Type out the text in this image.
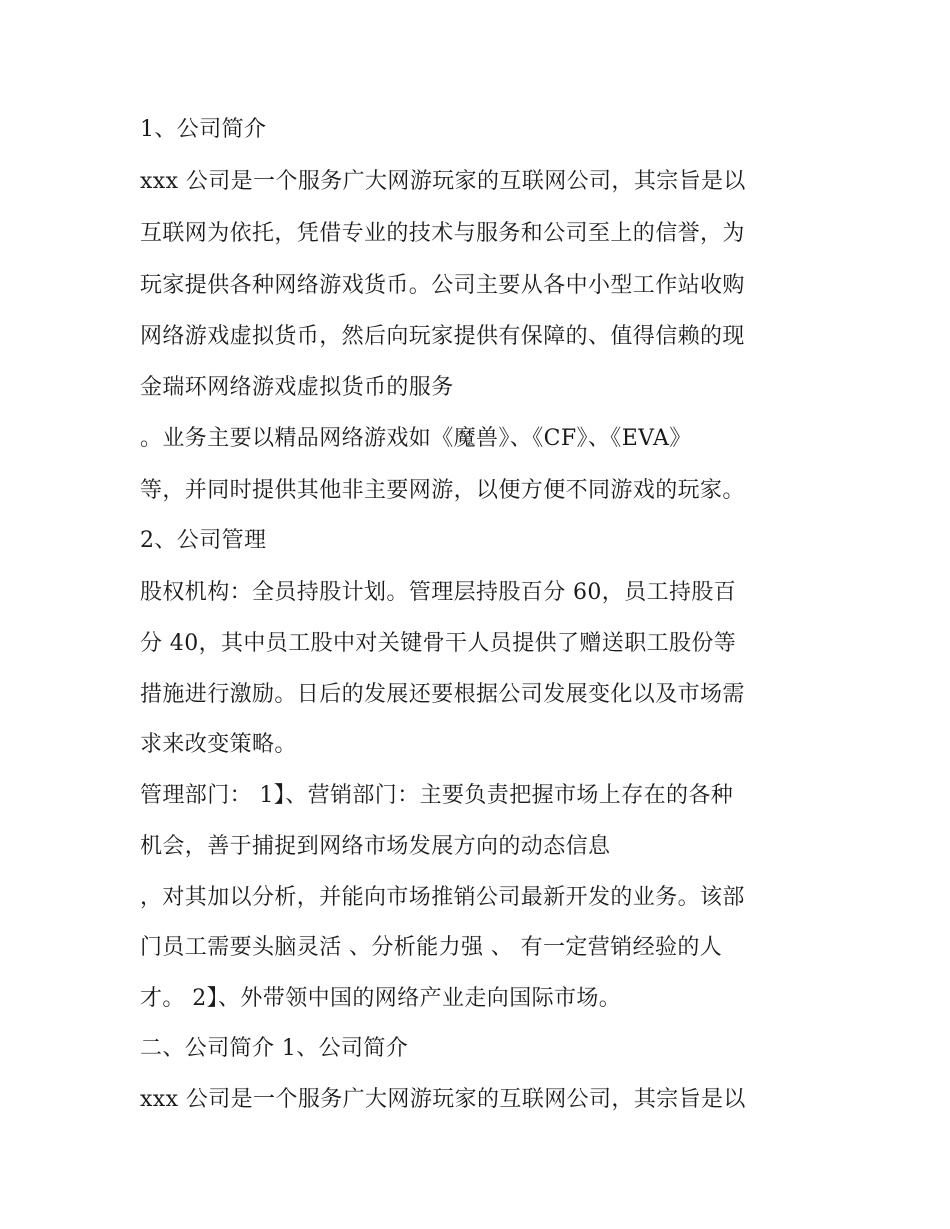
1、公司简介
xxx 公司是一个服务广大网游玩家的互联网公司，其宗旨是以
互联网为依托，凭借专业的技术与服务和公司至上的信誉，为
玩家提供各种网络游戏货币。公司主要从各中小型工作站收购
网络游戏虚拟货币，然后向玩家提供有保障的、值得信赖的现
金瑞环网络游戏虚拟货币的服务
。业务主要以精品网络游戏如《魔兽》、《CF》、《EVA》
等，并同时提供其他非主要网游，以便方便不同游戏的玩家。
2、公司管理
股权机构：全员持股计划。管理层持股百分 60，员工持股百
分 40，其中员工股中对关键骨干人员提供了赠送职工股份等
措施进行激励。日后的发展还要根据公司发展变化以及市场需
求来改变策略。
管理部门： 1】、营销部门：主要负责把握市场上存在的各种
机会，善于捕捉到网络市场发展方向的动态信息
，对其加以分析，并能向市场推销公司最新开发的业务。该部
门员工需要头脑灵活 、分析能力强 、 有一定营销经验的人
才。 2】、外带领中国的网络产业走向国际市场。
二、公司简介 1、公司简介
xxx 公司是一个服务广大网游玩家的互联网公司，其宗旨是以
